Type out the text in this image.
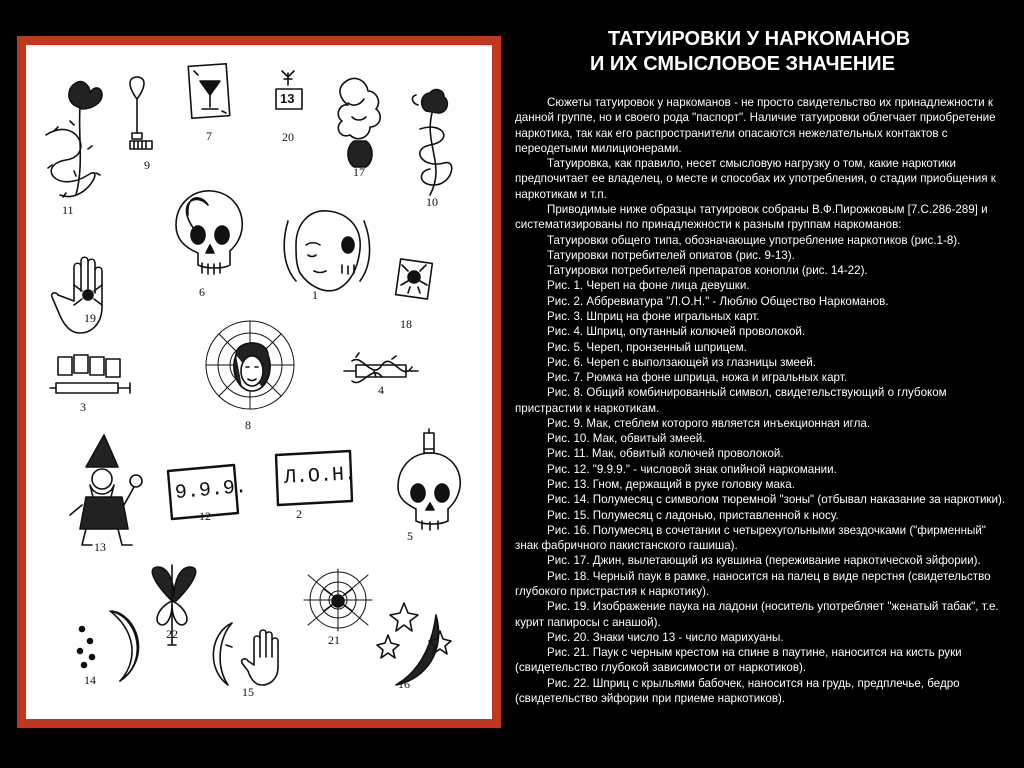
13
9.9.9. Л.О.Н.
11
9
7	20
17
10
6	1
19	18
3
8
4
13
12	2
5
22	21
14
15
16
ТАТУИРОВКИ У НАРКОМАНОВ
И ИХ СМЫСЛОВОЕ ЗНАЧЕНИЕ

Сюжеты татуировок у наркоманов - не просто свидетельство их принадлежности к данной группе, но и своего рода "паспорт". Наличие татуировки облегчает приобретение наркотика, так как его распространители опасаются нежелательных контактов с переодетыми милиционерами.

Татуировка, как правило, несет смысловую нагрузку о том, какие наркотики предпочитает ее владелец, о месте и способах их употребления, о стадии приобщения к наркотикам и т.п.

Приводимые ниже образцы татуировок собраны В.Ф.Пирожковым [7.С.286-289] и систематизированы по принадлежности к разным группам наркоманов:

Татуировки общего типа, обозначающие употребление наркотиков (рис.1-8).

Татуировки потребителей опиатов (рис. 9-13).

Татуировки потребителей препаратов конопли (рис. 14-22).

Рис. 1. Череп на фоне лица девушки.

Рис. 2. Аббревиатура "Л.О.Н." - Люблю Общество Наркоманов.

Рис. 3. Шприц на фоне игральных карт.

Рис. 4. Шприц, опутанный колючей проволокой.

Рис. 5. Череп, пронзенный шприцем.

Рис. 6. Череп с выползающей из глазницы змеей.

Рис. 7. Рюмка на фоне шприца, ножа и игральных карт.

Рис. 8. Общий комбинированный символ, свидетельствующий о глубоком пристрастии к наркотикам.

Рис. 9. Мак, стеблем которого является инъекционная игла.

Рис. 10. Мак, обвитый змеей.

Рис. 11. Мак, обвитый колючей проволокой.

Рис. 12. "9.9.9." - числовой знак опийной наркомании.

Рис. 13. Гном, держащий в руке головку мака.

Рис. 14. Полумесяц с символом тюремной "зоны" (отбывал наказание за наркотики).

Рис. 15. Полумесяц с ладонью, приставленной к носу.

Рис. 16. Полумесяц в сочетании с четырехугольными звездочками ("фирменный" знак фабричного пакистанского гашиша).

Рис. 17. Джин, вылетающий из кувшина (переживание наркотической эйфории).

Рис. 18. Черный паук в рамке, наносится на палец в виде перстня (свидетельство глубокого пристрастия к наркотику).

Рис. 19. Изображение паука на ладони (носитель употребляет "женатый табак", т.е. курит папиросы с анашой).

Рис. 20. Знаки число 13 - число марихуаны.

Рис. 21. Паук с черным крестом на спине в паутине, наносится на кисть руки (свидетельство глубокой зависимости от наркотиков).

Рис. 22. Шприц с крыльями бабочек, наносится на грудь, предплечье, бедро (свидетельство эйфории при приеме наркотиков).
